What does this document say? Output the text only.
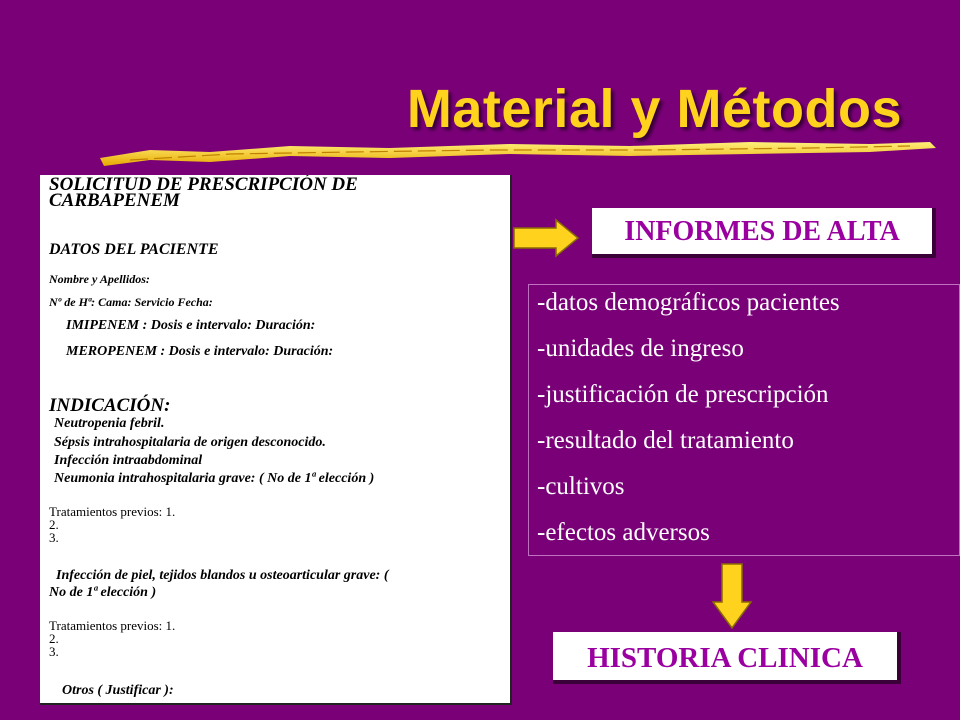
Material y Métodos
SOLICITUD DE PRESCRIPCIÓN DE
CARBAPENEM
DATOS DEL PACIENTE
Nombre y Apellidos:
Nº de Hª: Cama: Servicio Fecha:
IMIPENEM : Dosis e intervalo: Duración:
MEROPENEM : Dosis e intervalo: Duración:
INDICACIÓN:
Neutropenia febril.
Sépsis intrahospitalaria de origen desconocido.
Infección intraabdominal
Neumonia intrahospitalaria grave: ( No de 1ª elección )
Tratamientos previos: 1.
2.
3.
Infección de piel, tejidos blandos u osteoarticular grave: (
No de 1ª elección )
Tratamientos previos: 1.
2.
3.
Otros ( Justificar ):
INFORMES DE ALTA
-datos demográficos pacientes
-unidades de ingreso
-justificación de prescripción
-resultado del tratamiento
-cultivos
-efectos adversos
HISTORIA CLINICA
